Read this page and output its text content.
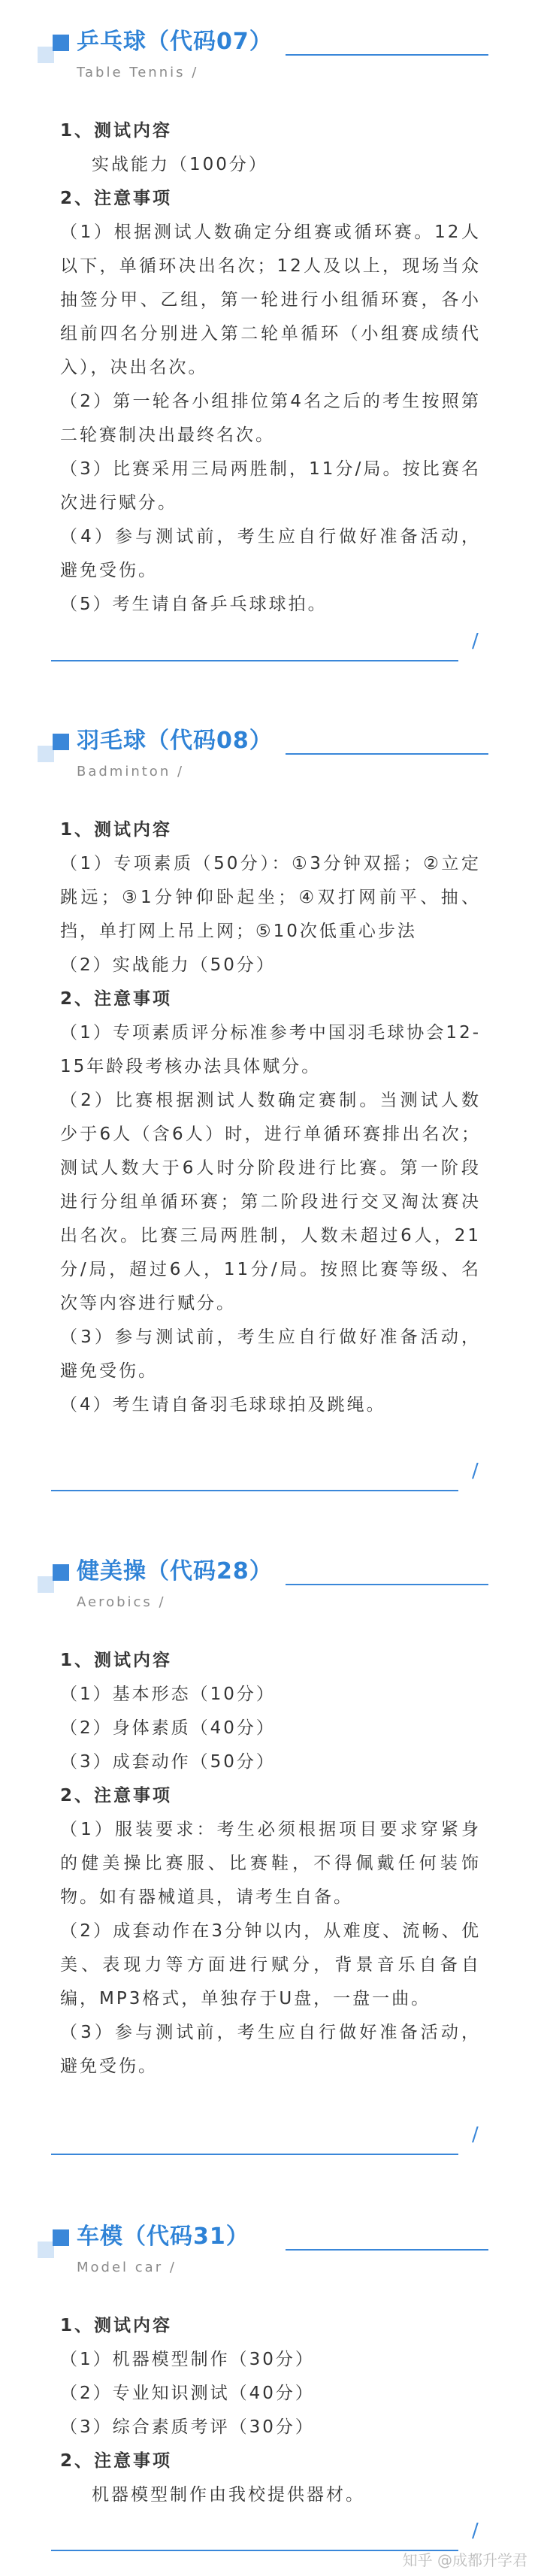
乒乓球（代码07）
Table Tennis /

1、测试内容

实战能力（100分）

2、注意事项

（1）根据测试人数确定分组赛或循环赛。12人以下，单循环决出名次；12人及以上，现场当众抽签分甲、乙组，第一轮进行小组循环赛，各小组前四名分别进入第二轮单循环（小组赛成绩代入），决出名次。

（2）第一轮各小组排位第4名之后的考生按照第二轮赛制决出最终名次。

（3）比赛采用三局两胜制，11分/局。按比赛名次进行赋分。

（4）参与测试前，考生应自行做好准备活动，避免受伤。

（5）考生请自备乒乓球球拍。

/
羽毛球（代码08）
Badminton /

1、测试内容

（1）专项素质（50分）：①3分钟双摇；②立定跳远；③1分钟仰卧起坐；④双打网前平、抽、挡，单打网上吊上网；⑤10次低重心步法

（2）实战能力（50分）

2、注意事项

（1）专项素质评分标准参考中国羽毛球协会12-15年龄段考核办法具体赋分。

（2）比赛根据测试人数确定赛制。当测试人数少于6人（含6人）时，进行单循环赛排出名次；测试人数大于6人时分阶段进行比赛。第一阶段进行分组单循环赛；第二阶段进行交叉淘汰赛决出名次。比赛三局两胜制，人数未超过6人，21分/局，超过6人，11分/局。按照比赛等级、名次等内容进行赋分。

（3）参与测试前，考生应自行做好准备活动，避免受伤。

（4）考生请自备羽毛球球拍及跳绳。

/
健美操（代码28）
Aerobics /

1、测试内容

（1）基本形态（10分）

（2）身体素质（40分）

（3）成套动作（50分）

2、注意事项

（1）服装要求：考生必须根据项目要求穿紧身的健美操比赛服、比赛鞋，不得佩戴任何装饰物。如有器械道具，请考生自备。

（2）成套动作在3分钟以内，从难度、流畅、优美、表现力等方面进行赋分，背景音乐自备自编，MP3格式，单独存于U盘，一盘一曲。

（3）参与测试前，考生应自行做好准备活动，避免受伤。

/
车模（代码31）
Model car /

1、测试内容

（1）机器模型制作（30分）

（2）专业知识测试（40分）

（3）综合素质考评（30分）

2、注意事项

机器模型制作由我校提供器材。

/
知乎 @成都升学君
